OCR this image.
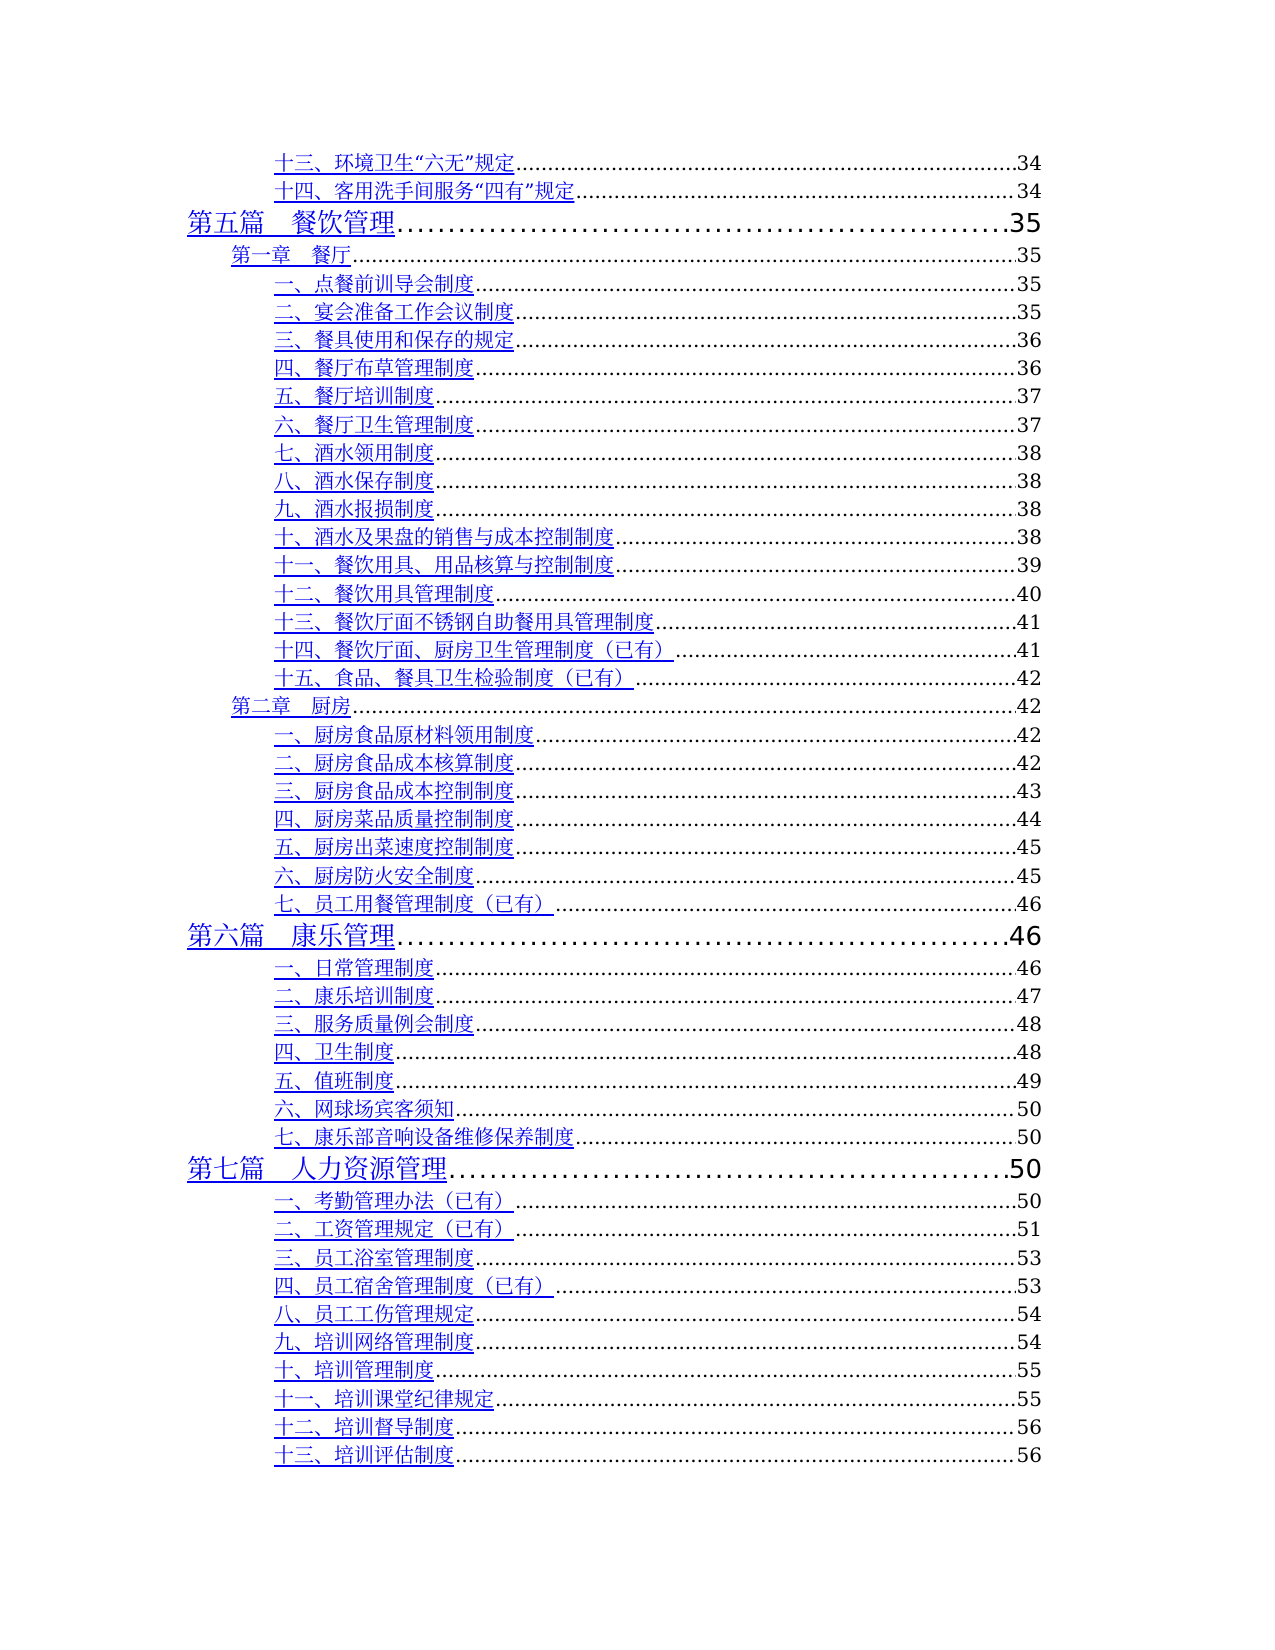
十三、环境卫生“六无”规定 .....	34
十四、客用洗手间服务“四有”规定 .....	34
第五篇　餐饮管理 .....	35
第一章　餐厅 .....	35
一、点餐前训导会制度 .....	35
二、宴会准备工作会议制度 .....	35
三、餐具使用和保存的规定 .....	36
四、餐厅布草管理制度 .....	36
五、餐厅培训制度 .....	37
六、餐厅卫生管理制度 .....	37
七、酒水领用制度 .....	38
八、酒水保存制度 .....	38
九、酒水报损制度 .....	38
十、酒水及果盘的销售与成本控制制度 .....	38
十一、餐饮用具、用品核算与控制制度 .....	39
十二、餐饮用具管理制度 .....	40
十三、餐饮厅面不锈钢自助餐用具管理制度 .....	41
十四、餐饮厅面、厨房卫生管理制度（已有） .....	41
十五、食品、餐具卫生检验制度（已有） .....	42
第二章　厨房 .....	42
一、厨房食品原材料领用制度 .....	42
二、厨房食品成本核算制度 .....	42
三、厨房食品成本控制制度 .....	43
四、厨房菜品质量控制制度 .....	44
五、厨房出菜速度控制制度 .....	45
六、厨房防火安全制度 .....	45
七、员工用餐管理制度（已有） .....	46
第六篇　康乐管理 .....	46
一、日常管理制度 .....	46
二、康乐培训制度 .....	47
三、服务质量例会制度 .....	48
四、卫生制度 .....	48
五、值班制度 .....	49
六、网球场宾客须知 .....	50
七、康乐部音响设备维修保养制度 .....	50
第七篇　人力资源管理 .....	50
一、考勤管理办法（已有） .....	50
二、工资管理规定（已有） .....	51
三、员工浴室管理制度 .....	53
四、员工宿舍管理制度（已有） .....	53
八、员工工伤管理规定 .....	54
九、培训网络管理制度 .....	54
十、培训管理制度 .....	55
十一、培训课堂纪律规定 .....	55
十二、培训督导制度 .....	56
十三、培训评估制度 .....	56
